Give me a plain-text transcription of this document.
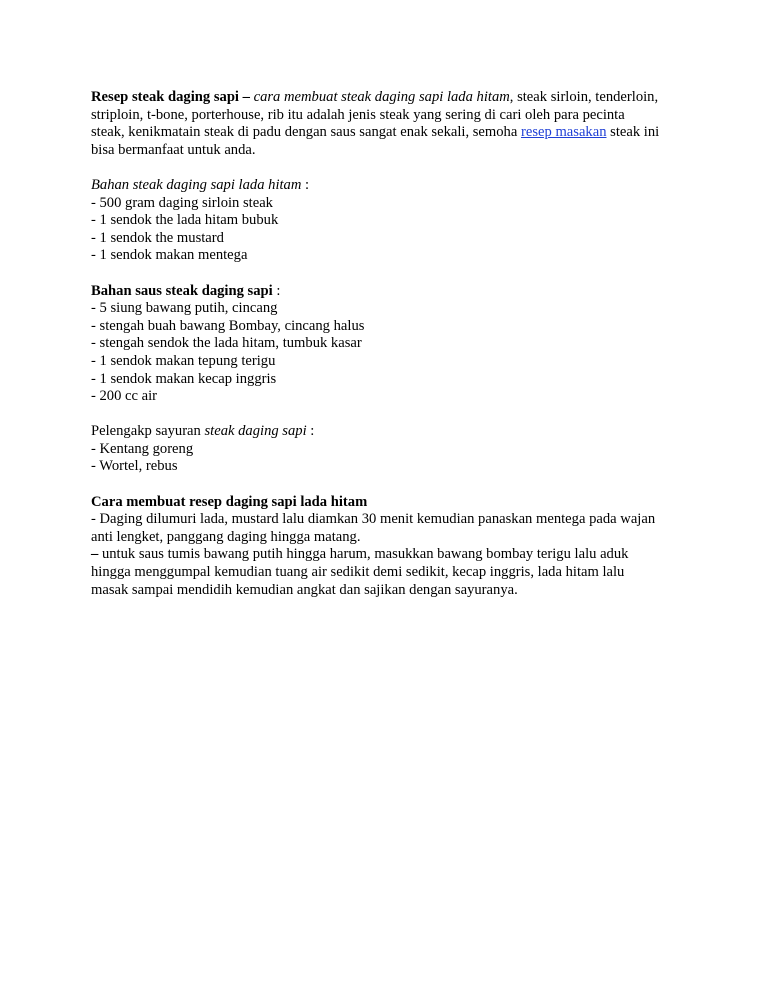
Resep steak daging sapi – cara membuat steak daging sapi lada hitam, steak sirloin, tenderloin,
striploin, t-bone, porterhouse, rib itu adalah jenis steak yang sering di cari oleh para pecinta
steak, kenikmatain steak di padu dengan saus sangat enak sekali, semoha resep masakan steak ini
bisa bermanfaat untuk anda.
Bahan steak daging sapi lada hitam :
- 500 gram daging sirloin steak
- 1 sendok the lada hitam bubuk
- 1 sendok the mustard
- 1 sendok makan mentega
Bahan saus steak daging sapi :
- 5 siung bawang putih, cincang
- stengah buah bawang Bombay, cincang halus
- stengah sendok the lada hitam, tumbuk kasar
- 1 sendok makan tepung terigu
- 1 sendok makan kecap inggris
- 200 cc air
Pelengakp sayuran steak daging sapi :
- Kentang goreng
- Wortel, rebus
Cara membuat resep daging sapi lada hitam
- Daging dilumuri lada, mustard lalu diamkan 30 menit kemudian panaskan mentega pada wajan
anti lengket, panggang daging hingga matang.
– untuk saus tumis bawang putih hingga harum, masukkan bawang bombay terigu lalu aduk
hingga menggumpal kemudian tuang air sedikit demi sedikit, kecap inggris, lada hitam lalu
masak sampai mendidih kemudian angkat dan sajikan dengan sayuranya.
